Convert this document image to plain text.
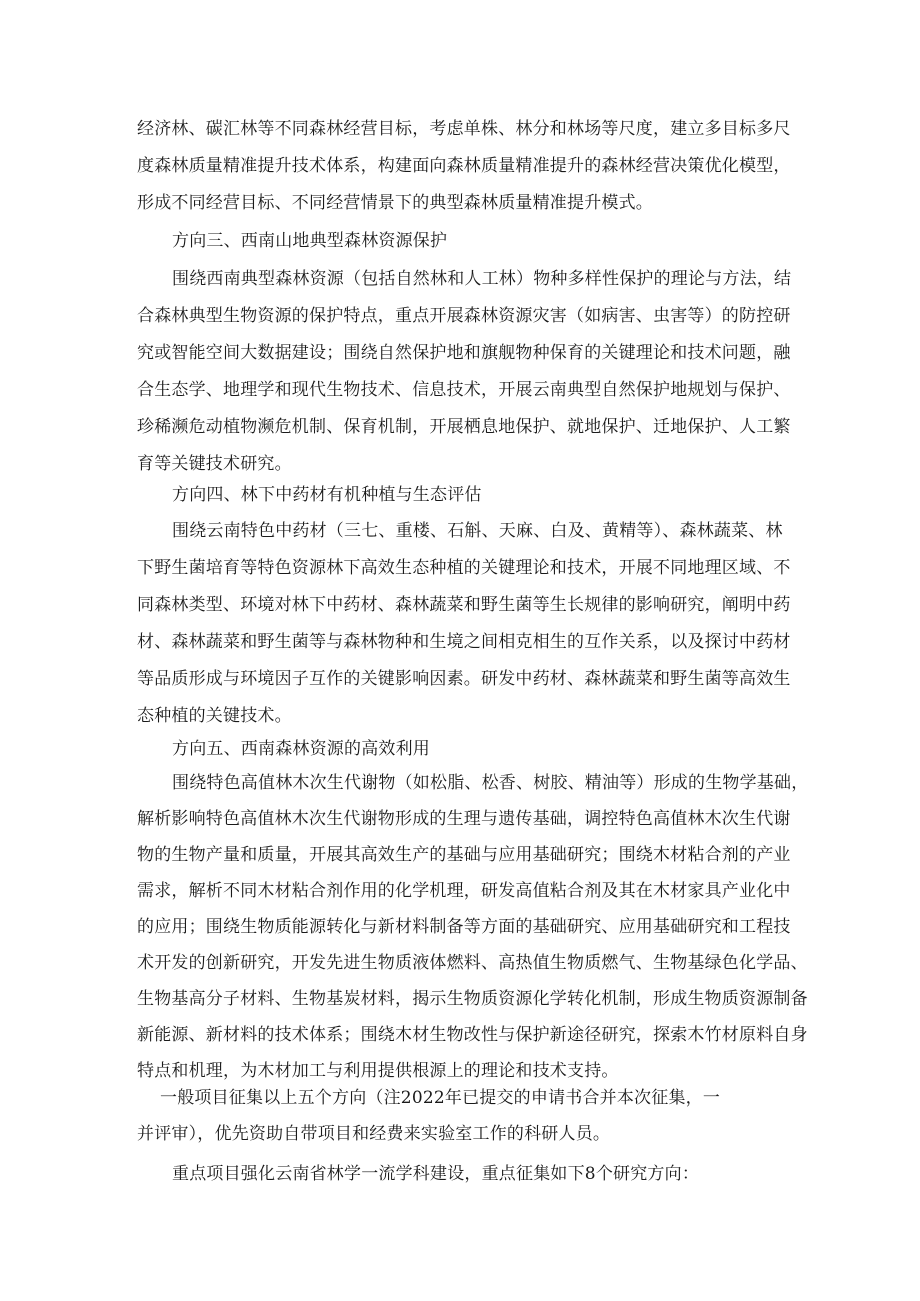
经济林、碳汇林等不同森林经营目标，考虑单株、林分和林场等尺度，建立多目标多尺
度森林质量精准提升技术体系，构建面向森林质量精准提升的森林经营决策优化模型，
形成不同经营目标、不同经营情景下的典型森林质量精准提升模式。
方向三、西南山地典型森林资源保护
围绕西南典型森林资源（包括自然林和人工林）物种多样性保护的理论与方法，结
合森林典型生物资源的保护特点，重点开展森林资源灾害（如病害、虫害等）的防控研
究或智能空间大数据建设；围绕自然保护地和旗舰物种保育的关键理论和技术问题，融
合生态学、地理学和现代生物技术、信息技术，开展云南典型自然保护地规划与保护、
珍稀濒危动植物濒危机制、保育机制，开展栖息地保护、就地保护、迁地保护、人工繁
育等关键技术研究。
方向四、林下中药材有机种植与生态评估
围绕云南特色中药材（三七、重楼、石斛、天麻、白及、黄精等）、森林蔬菜、林
下野生菌培育等特色资源林下高效生态种植的关键理论和技术，开展不同地理区域、不
同森林类型、环境对林下中药材、森林蔬菜和野生菌等生长规律的影响研究，阐明中药
材、森林蔬菜和野生菌等与森林物种和生境之间相克相生的互作关系，以及探讨中药材
等品质形成与环境因子互作的关键影响因素。研发中药材、森林蔬菜和野生菌等高效生
态种植的关键技术。
方向五、西南森林资源的高效利用
围绕特色高值林木次生代谢物（如松脂、松香、树胶、精油等）形成的生物学基础，
解析影响特色高值林木次生代谢物形成的生理与遗传基础，调控特色高值林木次生代谢
物的生物产量和质量，开展其高效生产的基础与应用基础研究；围绕木材粘合剂的产业
需求，解析不同木材粘合剂作用的化学机理，研发高值粘合剂及其在木材家具产业化中
的应用；围绕生物质能源转化与新材料制备等方面的基础研究、应用基础研究和工程技
术开发的创新研究，开发先进生物质液体燃料、高热值生物质燃气、生物基绿色化学品、
生物基高分子材料、生物基炭材料，揭示生物质资源化学转化机制，形成生物质资源制备
新能源、新材料的技术体系；围绕木材生物改性与保护新途径研究，探索木竹材原料自身
特点和机理，为木材加工与利用提供根源上的理论和技术支持。
一般项目征集以上五个方向（注2022年已提交的申请书合并本次征集，一
并评审），优先资助自带项目和经费来实验室工作的科研人员。
重点项目强化云南省林学一流学科建设，重点征集如下8个研究方向：
